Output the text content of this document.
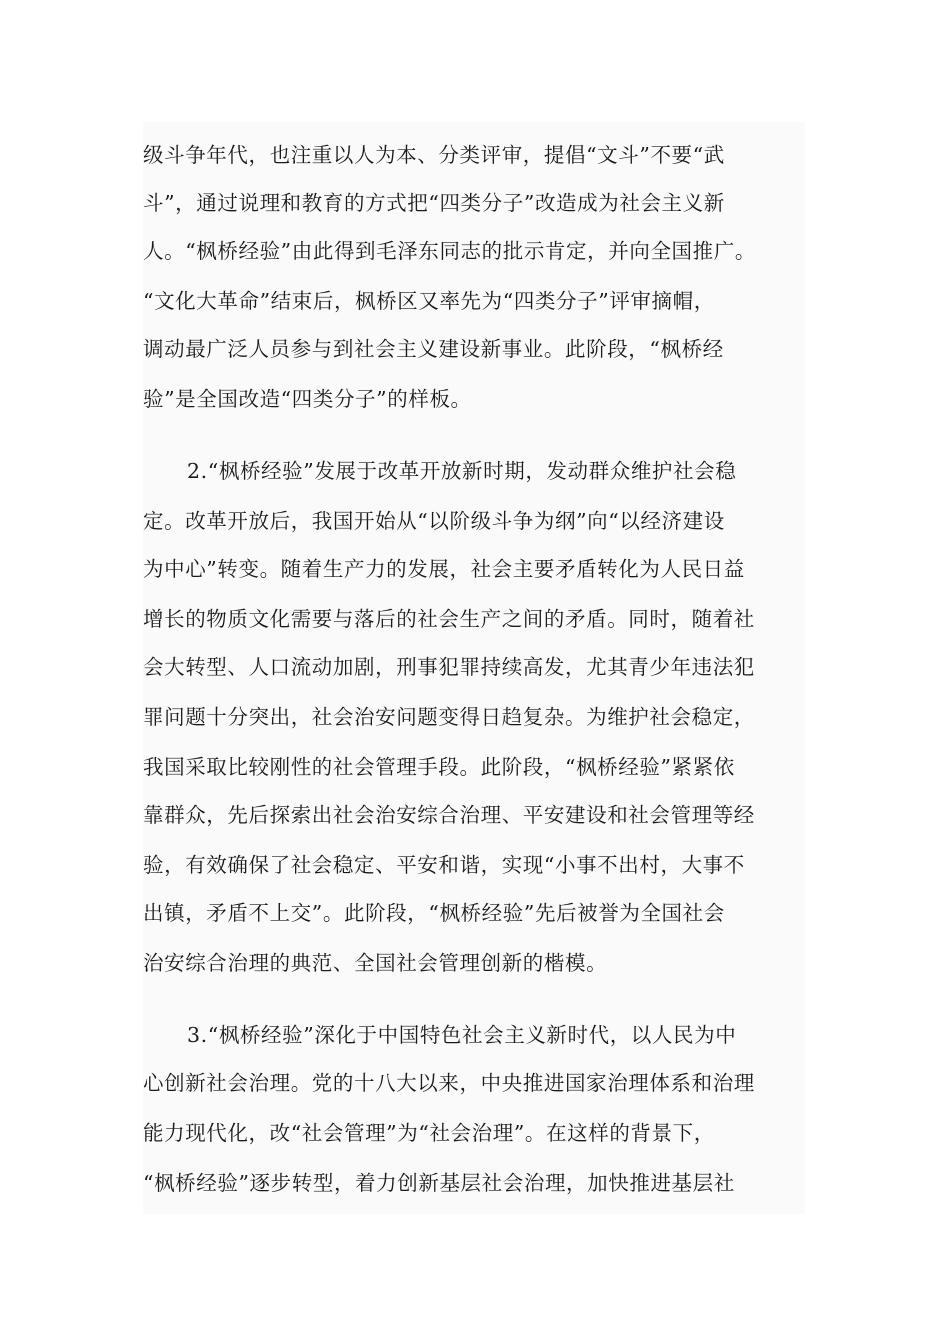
级斗争年代，也注重以人为本、分类评审，提倡“文斗”不要“武
斗”，通过说理和教育的方式把“四类分子”改造成为社会主义新
人。“枫桥经验”由此得到毛泽东同志的批示肯定，并向全国推广。
“文化大革命”结束后，枫桥区又率先为“四类分子”评审摘帽，
调动最广泛人员参与到社会主义建设新事业。此阶段，“枫桥经
验”是全国改造“四类分子”的样板。
2.“枫桥经验”发展于改革开放新时期，发动群众维护社会稳
定。改革开放后，我国开始从“以阶级斗争为纲”向“以经济建设
为中心”转变。随着生产力的发展，社会主要矛盾转化为人民日益
增长的物质文化需要与落后的社会生产之间的矛盾。同时，随着社
会大转型、人口流动加剧，刑事犯罪持续高发，尤其青少年违法犯
罪问题十分突出，社会治安问题变得日趋复杂。为维护社会稳定，
我国采取比较刚性的社会管理手段。此阶段，“枫桥经验”紧紧依
靠群众，先后探索出社会治安综合治理、平安建设和社会管理等经
验，有效确保了社会稳定、平安和谐，实现“小事不出村，大事不
出镇，矛盾不上交”。此阶段，“枫桥经验”先后被誉为全国社会
治安综合治理的典范、全国社会管理创新的楷模。
3.“枫桥经验”深化于中国特色社会主义新时代，以人民为中
心创新社会治理。党的十八大以来，中央推进国家治理体系和治理
能力现代化，改“社会管理”为“社会治理”。在这样的背景下，
“枫桥经验”逐步转型，着力创新基层社会治理，加快推进基层社
